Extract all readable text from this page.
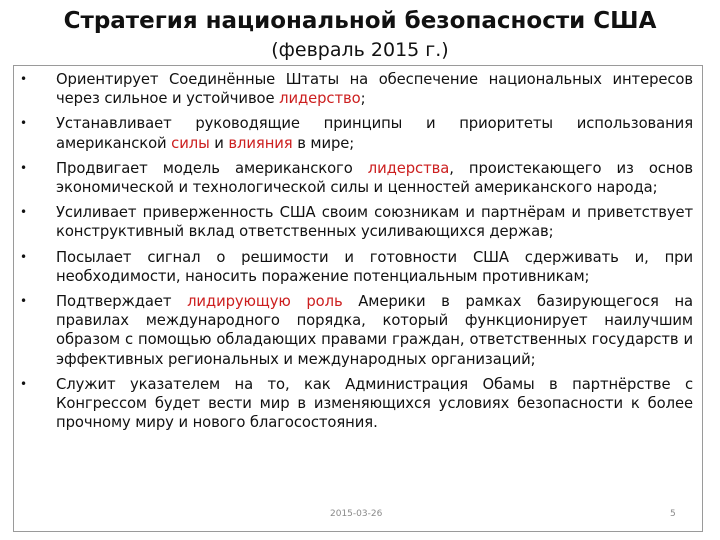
Стратегия национальной безопасности США
(февраль 2015 г.)
• Ориентирует Соединённые Штаты на обеспечение национальных интересов через сильное и устойчивое лидерство;
• Устанавливает руководящие принципы и приоритеты использования американской силы и влияния в мире;
• Продвигает модель американского лидерства, проистекающего из основ экономической и технологической силы и ценностей американского народа;
• Усиливает приверженность США своим союзникам и партнёрам и приветствует конструктивный вклад ответственных усиливающихся держав;
• Посылает сигнал о решимости и готовности США сдерживать и, при необходимости, наносить поражение потенциальным противникам;
• Подтверждает лидирующую роль Америки в рамках базирующегося на правилах международного порядка, который функционирует наилучшим образом с помощью обладающих правами граждан, ответственных государств и эффективных региональных и международных организаций;
• Служит указателем на то, как Администрация Обамы в партнёрстве с Конгрессом будет вести мир в изменяющихся условиях безопасности к более прочному миру и нового благосостояния.
2015-03-26	5
